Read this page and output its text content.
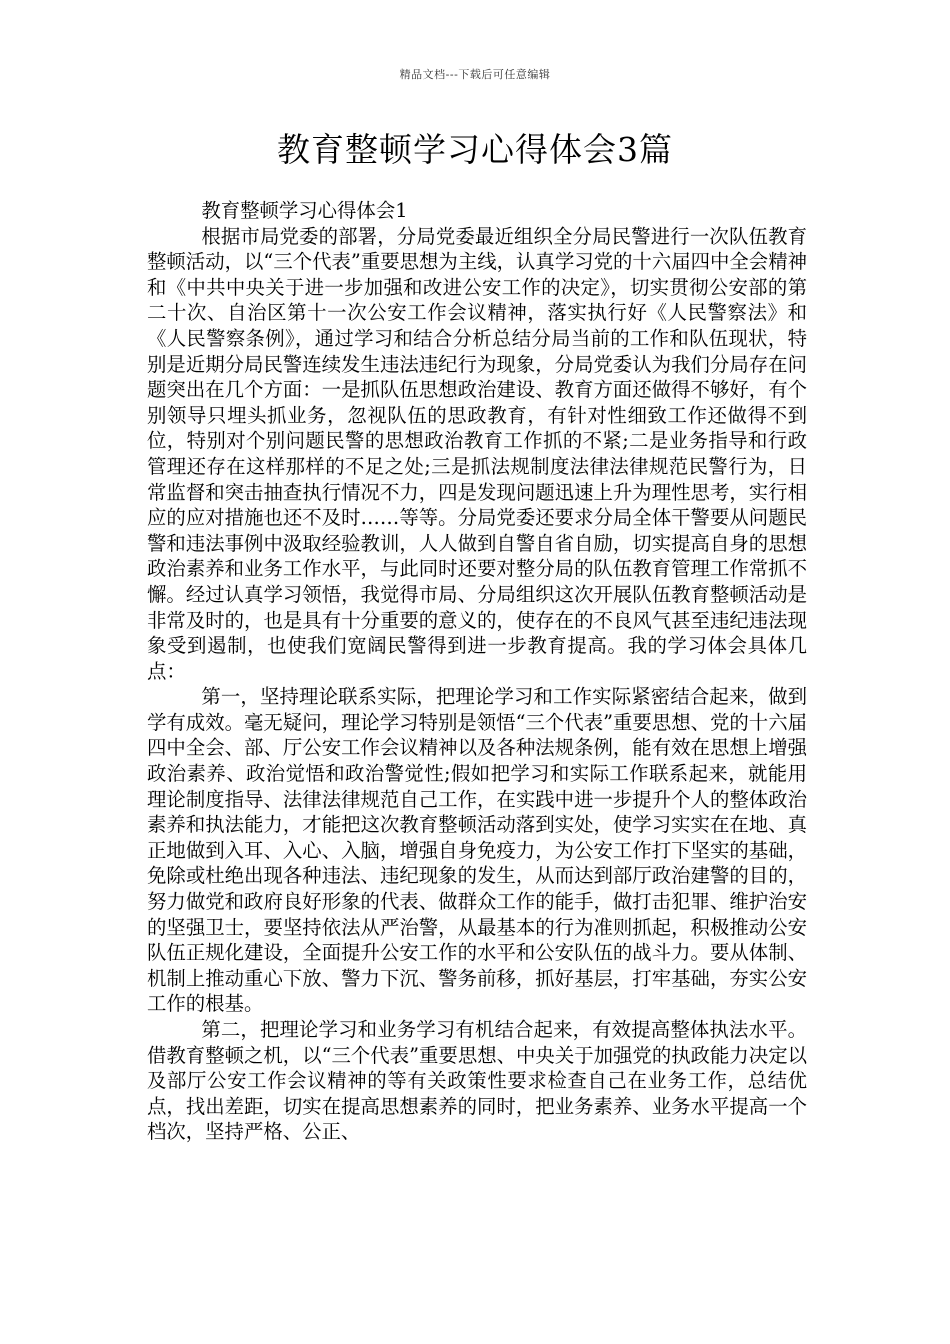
精品文档---下载后可任意编辑
教育整顿学习心得体会3篇

教育整顿学习心得体会1

根据市局党委的部署，分局党委最近组织全分局民警进行一次队伍教育整顿活动，以“三个代表”重要思想为主线，认真学习党的十六届四中全会精神和《中共中央关于进一步加强和改进公安工作的决定》，切实贯彻公安部的第二十次、自治区第十一次公安工作会议精神，落实执行好《人民警察法》和《人民警察条例》，通过学习和结合分析总结分局当前的工作和队伍现状，特别是近期分局民警连续发生违法违纪行为现象，分局党委认为我们分局存在问题突出在几个方面：一是抓队伍思想政治建设、教育方面还做得不够好，有个别领导只埋头抓业务，忽视队伍的思政教育，有针对性细致工作还做得不到位，特别对个别问题民警的思想政治教育工作抓的不紧;二是业务指导和行政管理还存在这样那样的不足之处;三是抓法规制度法律法律规范民警行为，日常监督和突击抽查执行情况不力，四是发现问题迅速上升为理性思考，实行相应的应对措施也还不及时……等等。分局党委还要求分局全体干警要从问题民警和违法事例中汲取经验教训，人人做到自警自省自励，切实提高自身的思想政治素养和业务工作水平，与此同时还要对整分局的队伍教育管理工作常抓不懈。经过认真学习领悟，我觉得市局、分局组织这次开展队伍教育整顿活动是非常及时的，也是具有十分重要的意义的，使存在的不良风气甚至违纪违法现象受到遏制，也使我们宽阔民警得到进一步教育提高。我的学习体会具体几点：

第一，坚持理论联系实际，把理论学习和工作实际紧密结合起来，做到学有成效。毫无疑问，理论学习特别是领悟“三个代表”重要思想、党的十六届四中全会、部、厅公安工作会议精神以及各种法规条例，能有效在思想上增强政治素养、政治觉悟和政治警觉性;假如把学习和实际工作联系起来，就能用理论制度指导、法律法律规范自己工作，在实践中进一步提升个人的整体政治素养和执法能力，才能把这次教育整顿活动落到实处，使学习实实在在地、真正地做到入耳、入心、入脑，增强自身免疫力，为公安工作打下坚实的基础，免除或杜绝出现各种违法、违纪现象的发生，从而达到部厅政治建警的目的，努力做党和政府良好形象的代表、做群众工作的能手，做打击犯罪、维护治安的坚强卫士，要坚持依法从严治警，从最基本的行为准则抓起，积极推动公安队伍正规化建设，全面提升公安工作的水平和公安队伍的战斗力。要从体制、机制上推动重心下放、警力下沉、警务前移，抓好基层，打牢基础，夯实公安工作的根基。

第二，把理论学习和业务学习有机结合起来，有效提高整体执法水平。借教育整顿之机，以“三个代表”重要思想、中央关于加强党的执政能力决定以及部厅公安工作会议精神的等有关政策性要求检查自己在业务工作，总结优点，找出差距，切实在提高思想素养的同时，把业务素养、业务水平提高一个档次，坚持严格、公正、
